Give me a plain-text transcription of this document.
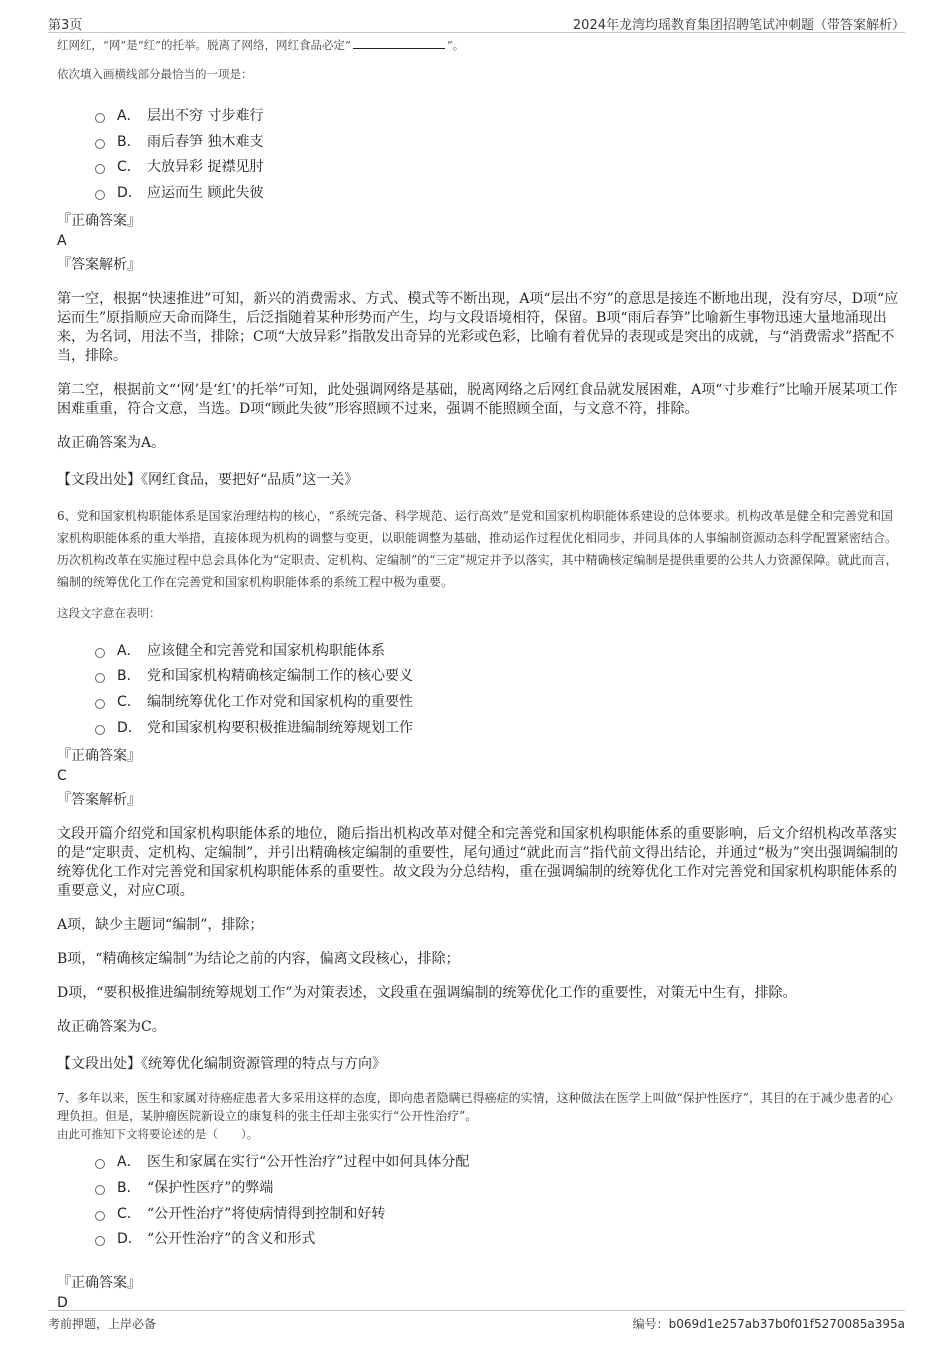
第3页	2024年龙湾均瑶教育集团招聘笔试冲刺题（带答案解析）
红网红，“网”是“红”的托举。脱离了网络，网红食品必定“	”。
依次填入画横线部分最恰当的一项是：
A． 层出不穷 寸步难行
B． 雨后春笋 独木难支
C． 大放异彩 捉襟见肘
D． 应运而生 顾此失彼
『正确答案』
A
『答案解析』

第一空，根据“快速推进”可知，新兴的消费需求、方式、模式等不断出现，A项“层出不穷”的意思是接连不断地出现，没有穷尽，D项“应运而生”原指顺应天命而降生，后泛指随着某种形势而产生，均与文段语境相符，保留。B项“雨后春笋”比喻新生事物迅速大量地涌现出来，为名词，用法不当，排除；C项“大放异彩”指散发出奇异的光彩或色彩，比喻有着优异的表现或是突出的成就，与“消费需求”搭配不当，排除。

第二空，根据前文“‘网’是‘红’的托举”可知，此处强调网络是基础，脱离网络之后网红食品就发展困难，A项“寸步难行”比喻开展某项工作困难重重，符合文意，当选。D项“顾此失彼”形容照顾不过来，强调不能照顾全面，与文意不符，排除。

故正确答案为A。

【文段出处】《网红食品，要把好“品质”这一关》
6、党和国家机构职能体系是国家治理结构的核心，“系统完备、科学规范、运行高效”是党和国家机构职能体系建设的总体要求。机构改革是健全和完善党和国家机构职能体系的重大举措，直接体现为机构的调整与变更，以职能调整为基础，推动运作过程优化相同步，并同具体的人事编制资源动态科学配置紧密结合。历次机构改革在实施过程中总会具体化为“定职责、定机构、定编制”的“三定”规定并予以落实，其中精确核定编制是提供重要的公共人力资源保障。就此而言，编制的统筹优化工作在完善党和国家机构职能体系的系统工程中极为重要。
这段文字意在表明：
A． 应该健全和完善党和国家机构职能体系
B． 党和国家机构精确核定编制工作的核心要义
C． 编制统筹优化工作对党和国家机构的重要性
D． 党和国家机构要积极推进编制统筹规划工作
『正确答案』
C
『答案解析』

文段开篇介绍党和国家机构职能体系的地位，随后指出机构改革对健全和完善党和国家机构职能体系的重要影响，后文介绍机构改革落实的是“定职责、定机构、定编制”，并引出精确核定编制的重要性，尾句通过“就此而言”指代前文得出结论，并通过“极为”突出强调编制的统筹优化工作对完善党和国家机构职能体系的重要性。故文段为分总结构，重在强调编制的统筹优化工作对完善党和国家机构职能体系的重要意义，对应C项。

A项，缺少主题词“编制”，排除；

B项，“精确核定编制”为结论之前的内容，偏离文段核心，排除；

D项，“要积极推进编制统筹规划工作”为对策表述，文段重在强调编制的统筹优化工作的重要性，对策无中生有，排除。

故正确答案为C。

【文段出处】《统筹优化编制资源管理的特点与方向》
7、多年以来，医生和家属对待癌症患者大多采用这样的态度，即向患者隐瞒已得癌症的实情，这种做法在医学上叫做“保护性医疗”，其目的在于减少患者的心理负担。但是，某肿瘤医院新设立的康复科的张主任却主张实行“公开性治疗”。
由此可推知下文将要论述的是（　　）。
A． 医生和家属在实行“公开性治疗”过程中如何具体分配
B． “保护性医疗”的弊端
C． “公开性治疗”将使病情得到控制和好转
D． “公开性治疗”的含义和形式
『正确答案』
D
考前押题，上岸必备	编号：b069d1e257ab37b0f01f5270085a395a
